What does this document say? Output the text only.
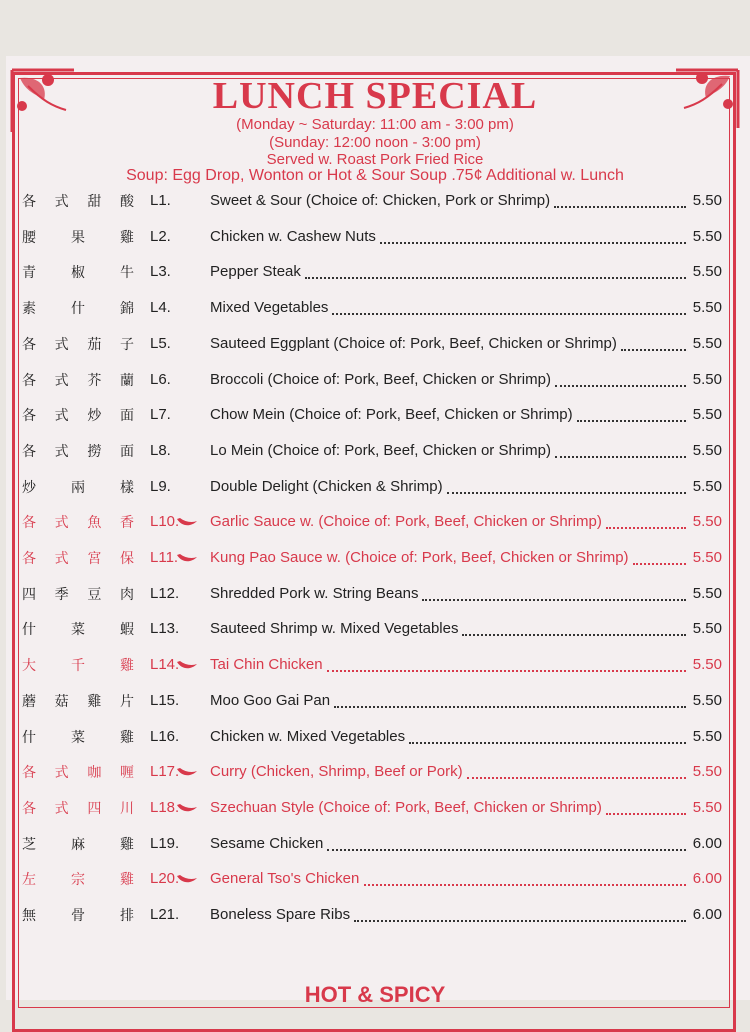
LUNCH SPECIAL
(Monday ~ Saturday: 11:00 am - 3:00 pm)
(Sunday: 12:00 noon - 3:00 pm)
Served w. Roast Pork Fried Rice
Soup: Egg Drop, Wonton or Hot & Sour Soup .75¢ Additional w. Lunch
各 式 甜 酸 L1.	Sweet & Sour (Choice of: Chicken, Pork or Shrimp)	5.50
腰	果	雞 L2.	Chicken w. Cashew Nuts	5.50
青	椒	牛 L3.	Pepper Steak	5.50
素	什	錦 L4.	Mixed Vegetables	5.50
各 式 茄 子 L5.	Sauteed Eggplant (Choice of: Pork, Beef, Chicken or Shrimp)	5.50
各 式 芥 蘭 L6.	Broccoli (Choice of: Pork, Beef, Chicken or Shrimp)	5.50
各 式 炒 面 L7.	Chow Mein (Choice of: Pork, Beef, Chicken or Shrimp)	5.50
各 式 撈 面 L8.	Lo Mein (Choice of: Pork, Beef, Chicken or Shrimp)	5.50
炒	兩	樣 L9.	Double Delight (Chicken & Shrimp)	5.50
各 式 魚 香 L10. Garlic Sauce w. (Choice of: Pork, Beef, Chicken or Shrimp)	5.50
各 式 宮 保 L11. Kung Pao Sauce w. (Choice of: Pork, Beef, Chicken or Shrimp)	5.50
四 季 豆 肉 L12. Shredded Pork w. String Beans	5.50
什	菜	蝦 L13. Sauteed Shrimp w. Mixed Vegetables	5.50
大	千	雞 L14. Tai Chin Chicken	5.50
蘑 菇 雞 片 L15. Moo Goo Gai Pan	5.50
什	菜	雞 L16. Chicken w. Mixed Vegetables	5.50
各 式 咖 喱 L17. Curry (Chicken, Shrimp, Beef or Pork)	5.50
各 式 四 川 L18. Szechuan Style (Choice of: Pork, Beef, Chicken or Shrimp)	5.50
芝	麻	雞 L19. Sesame Chicken	6.00
左	宗	雞 L20. General Tso's Chicken	6.00
無	骨	排 L21. Boneless Spare Ribs	6.00
HOT & SPICY
